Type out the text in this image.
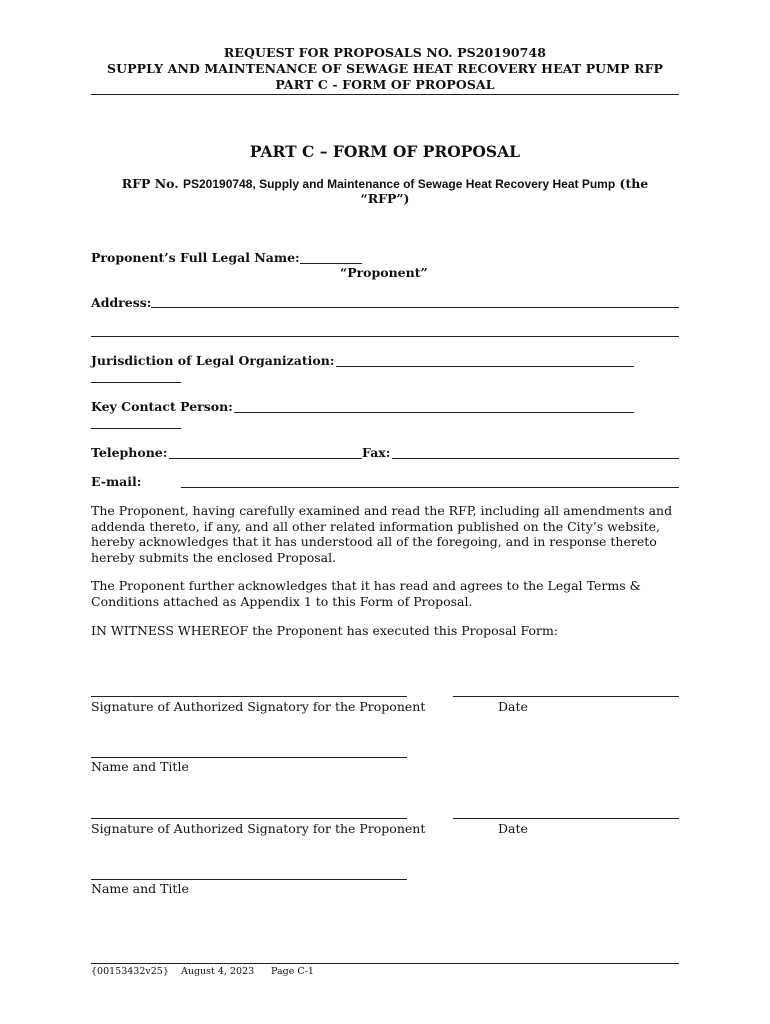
REQUEST FOR PROPOSALS NO. PS20190748
SUPPLY AND MAINTENANCE OF SEWAGE HEAT RECOVERY HEAT PUMP RFP
PART C - FORM OF PROPOSAL
PART C – FORM OF PROPOSAL
RFP No. PS20190748, Supply and Maintenance of Sewage Heat Recovery Heat Pump (the
“RFP”)
Proponent’s Full Legal Name:
“Proponent”
Address:
Jurisdiction of Legal Organization:
Key Contact Person:
Telephone:	Fax:
E-mail:
The Proponent, having carefully examined and read the RFP, including all amendments and
addenda thereto, if any, and all other related information published on the City’s website,
hereby acknowledges that it has understood all of the foregoing, and in response thereto
hereby submits the enclosed Proposal.
The Proponent further acknowledges that it has read and agrees to the Legal Terms &
Conditions attached as Appendix 1 to this Form of Proposal.
IN WITNESS WHEREOF the Proponent has executed this Proposal Form:
Signature of Authorized Signatory for the Proponent	Date
Name and Title
Signature of Authorized Signatory for the Proponent	Date
Name and Title
{00153432v25} August 4, 2023 Page C-1
